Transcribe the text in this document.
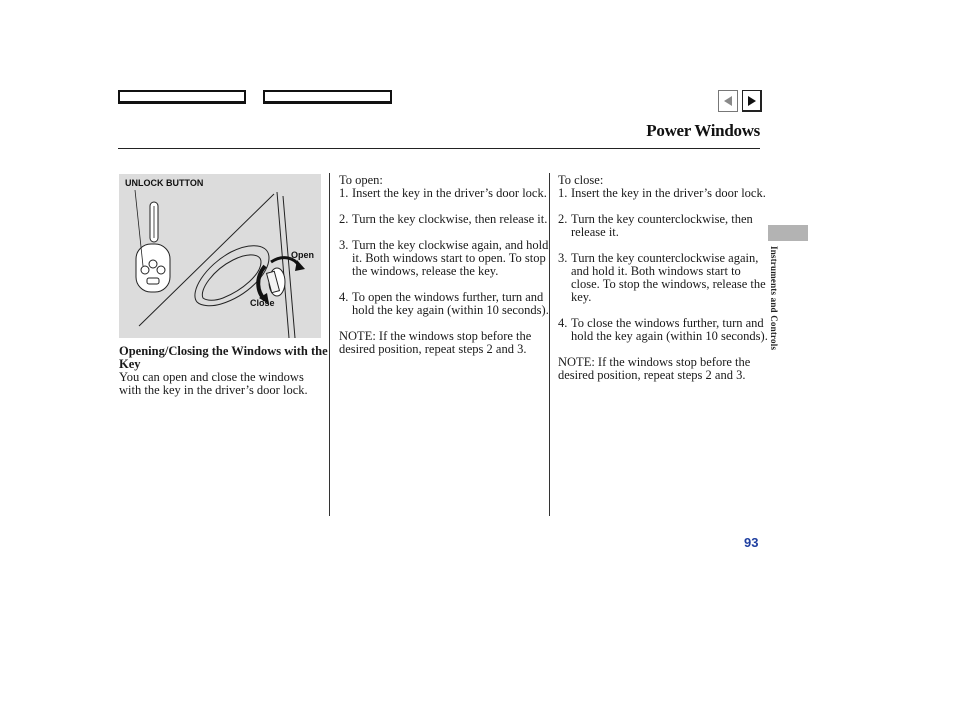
Power Windows
Instruments and Controls
UNLOCK BUTTON
Open
Close
Opening/Closing the Windows with the Key
You can open and close the windows with the key in the driver’s door lock.
To open:
1. Insert the key in the driver’s door lock.
2. Turn the key clockwise, then release it.
3. Turn the key clockwise again, and hold it. Both windows start to open. To stop the windows, release the key.
4. To open the windows further, turn and hold the key again (within 10 seconds).
NOTE: If the windows stop before the desired position, repeat steps 2 and 3.
To close:
1. Insert the key in the driver’s door lock.
2. Turn the key counterclockwise, then release it.
3. Turn the key counterclockwise again, and hold it. Both windows start to close. To stop the windows, release the key.
4. To close the windows further, turn and hold the key again (within 10 seconds).
NOTE: If the windows stop before the desired position, repeat steps 2 and 3.
93
